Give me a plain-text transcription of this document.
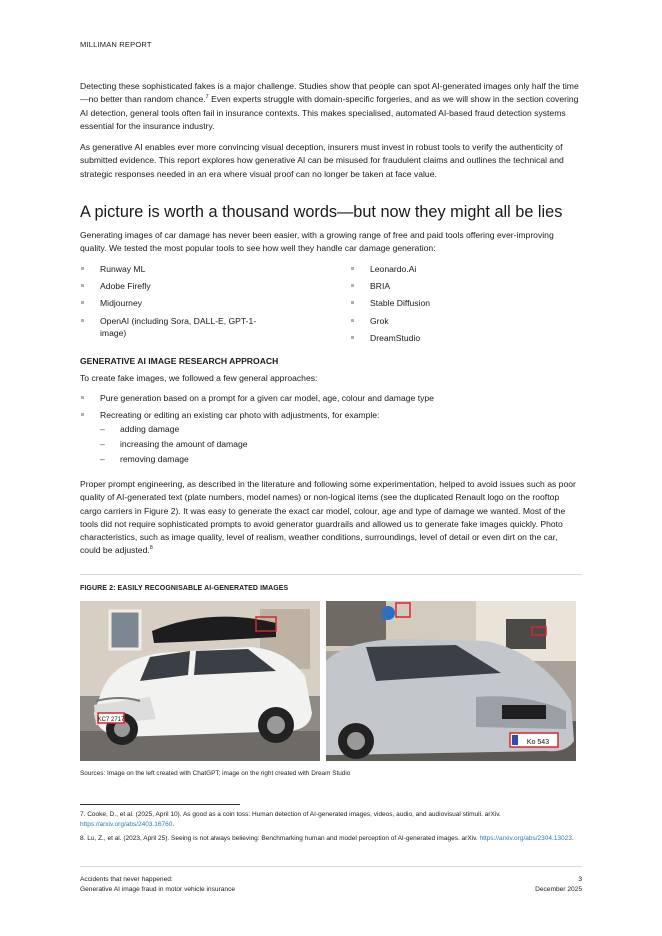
MILLIMAN REPORT

Detecting these sophisticated fakes is a major challenge. Studies show that people can spot AI-generated images only half the time—no better than random chance.$^7$ Even experts struggle with domain-specific forgeries, and as we will show in the section covering AI detection, general tools often fail in insurance contexts. This makes specialised, automated AI-based fraud detection systems essential for the insurance industry.

As generative AI enables ever more convincing visual deception, insurers must invest in robust tools to verify the authenticity of submitted evidence. This report explores how generative AI can be misused for fraudulent claims and outlines the technical and strategic responses needed in an era where visual proof can no longer be taken at face value.

A picture is worth a thousand words—but now they might all be lies

Generating images of car damage has never been easier, with a growing range of free and paid tools offering ever-improving quality. We tested the most popular tools to see how well they handle car damage generation:

Runway ML
Adobe Firefly
Midjourney
OpenAI (including Sora, DALL-E, GPT-1-image)
Leonardo.Ai
BRIA
Stable Diffusion
Grok
DreamStudio
GENERATIVE AI IMAGE RESEARCH APPROACH

To create fake images, we followed a few general approaches:

Pure generation based on a prompt for a given car model, age, colour and damage type
Recreating or editing an existing car photo with adjustments, for example:
– adding damage
– increasing the amount of damage
– removing damage

Proper prompt engineering, as described in the literature and following some experimentation, helped to avoid issues such as poor quality of AI-generated text (plate numbers, model names) or non-logical items (see the duplicated Renault logo on the rooftop cargo carriers in Figure 2). It was easy to generate the exact car model, colour, age and type of damage we wanted. Most of the tools did not require sophisticated prompts to avoid generator guardrails and allowed us to generate fake images quickly. Photo characteristics, such as image quality, level of realism, weather conditions, surroundings, level of detail or even dirt on the car, could be adjusted.$^8$

FIGURE 2: EASILY RECOGNISABLE AI-GENERATED IMAGES
KC7 2717
Ko 543
Sources: Image on the left created with ChatGPT; image on the right created with Dream Studio

7. Cooke, D., et al. (2025, April 10). As good as a coin toss: Human detection of AI-generated images, videos, audio, and audiovisual stimuli. arXiv. https://arxiv.org/abs/2403.16760.

8. Lu, Z., et al. (2023, April 25). Seeing is not always believing: Benchmarking human and model perception of AI-generated images. arXiv. https://arxiv.org/abs/2304.13023.

Accidents that never happened:
Generative AI image fraud in motor vehicle insurance
3
December 2025
